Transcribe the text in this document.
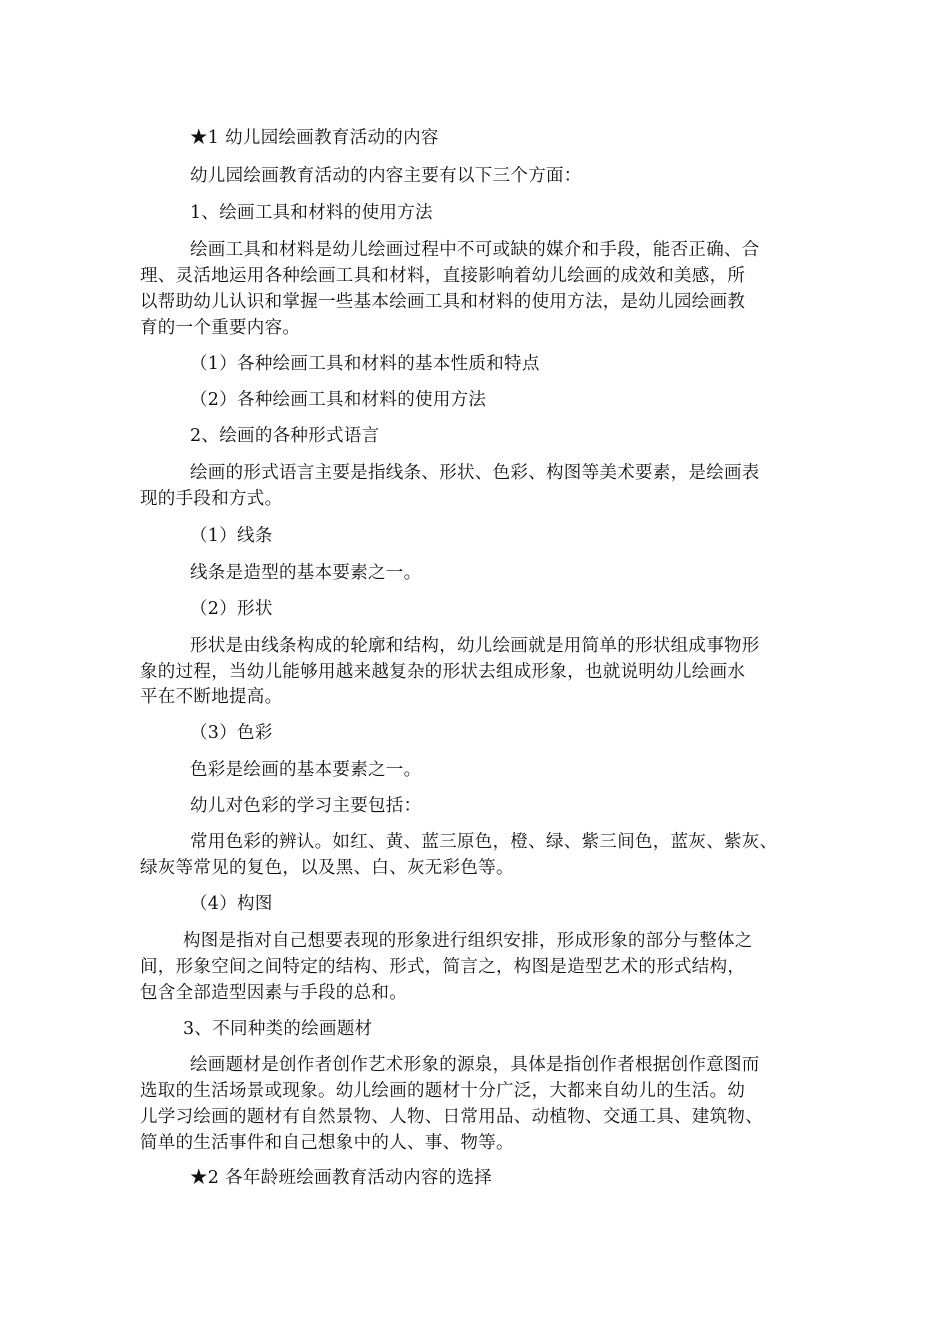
★1 幼儿园绘画教育活动的内容
幼儿园绘画教育活动的内容主要有以下三个方面：
1、绘画工具和材料的使用方法
绘画工具和材料是幼儿绘画过程中不可或缺的媒介和手段，能否正确、合
理、灵活地运用各种绘画工具和材料，直接影响着幼儿绘画的成效和美感，所
以帮助幼儿认识和掌握一些基本绘画工具和材料的使用方法，是幼儿园绘画教
育的一个重要内容。
（1）各种绘画工具和材料的基本性质和特点
（2）各种绘画工具和材料的使用方法
2、绘画的各种形式语言
绘画的形式语言主要是指线条、形状、色彩、构图等美术要素，是绘画表
现的手段和方式。
（1）线条
线条是造型的基本要素之一。
（2）形状
形状是由线条构成的轮廓和结构，幼儿绘画就是用简单的形状组成事物形
象的过程，当幼儿能够用越来越复杂的形状去组成形象，也就说明幼儿绘画水
平在不断地提高。
（3）色彩
色彩是绘画的基本要素之一。
幼儿对色彩的学习主要包括：
常用色彩的辨认。如红、黄、蓝三原色，橙、绿、紫三间色，蓝灰、紫灰、
绿灰等常见的复色，以及黑、白、灰无彩色等。
（4）构图
构图是指对自己想要表现的形象进行组织安排，形成形象的部分与整体之
间，形象空间之间特定的结构、形式，简言之，构图是造型艺术的形式结构，
包含全部造型因素与手段的总和。
3、不同种类的绘画题材
绘画题材是创作者创作艺术形象的源泉，具体是指创作者根据创作意图而
选取的生活场景或现象。幼儿绘画的题材十分广泛，大都来自幼儿的生活。幼
儿学习绘画的题材有自然景物、人物、日常用品、动植物、交通工具、建筑物、
简单的生活事件和自己想象中的人、事、物等。
★2 各年龄班绘画教育活动内容的选择
